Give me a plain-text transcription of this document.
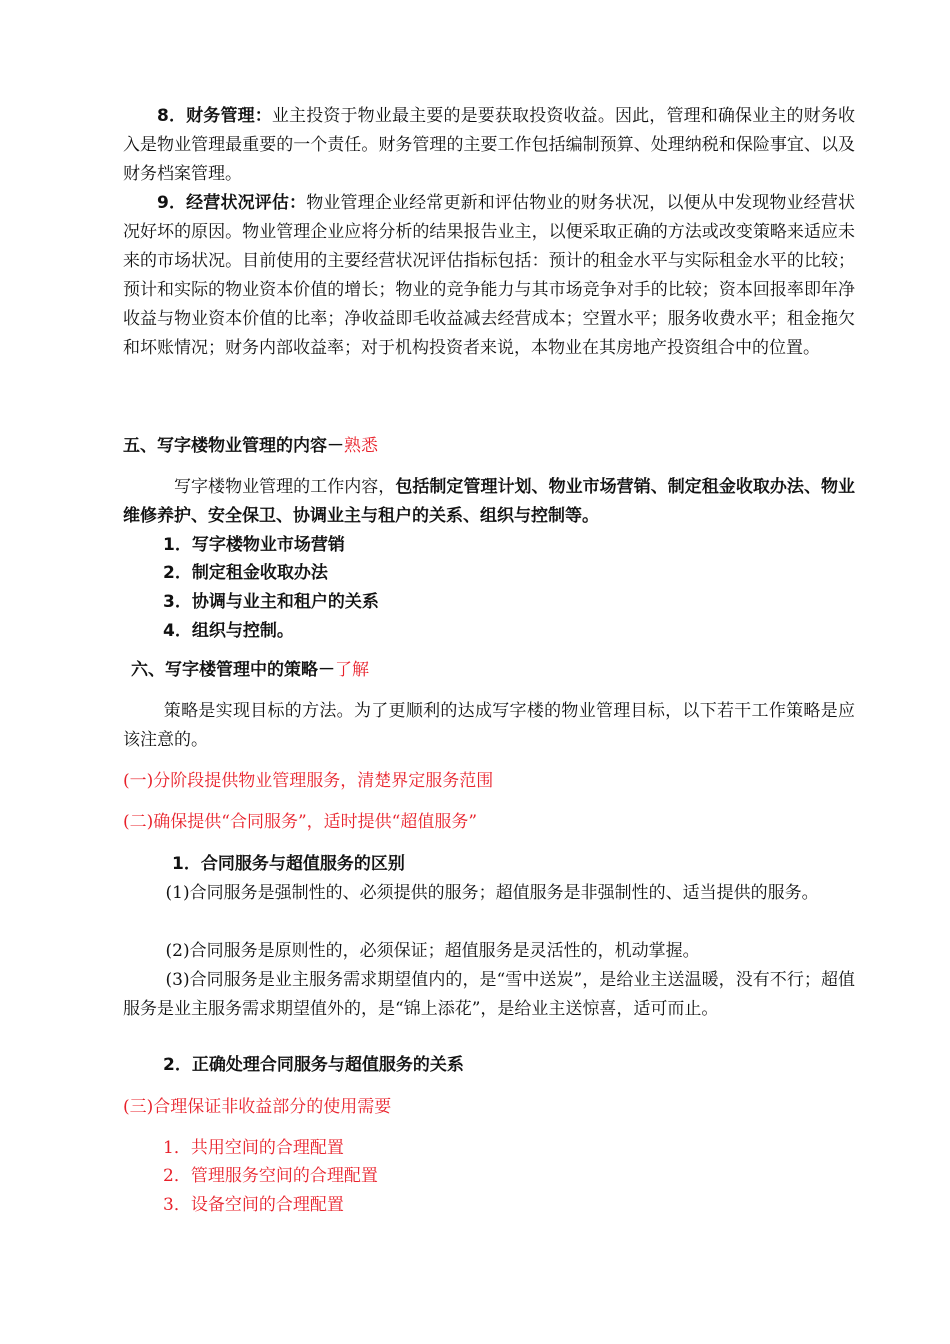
8．财务管理：业主投资于物业最主要的是要获取投资收益。因此，管理和确保业主的财务收入是物业管理最重要的一个责任。财务管理的主要工作包括编制预算、处理纳税和保险事宜、以及财务档案管理。

9．经营状况评估：物业管理企业经常更新和评估物业的财务状况，以便从中发现物业经营状况好坏的原因。物业管理企业应将分析的结果报告业主，以便采取正确的方法或改变策略来适应未来的市场状况。目前使用的主要经营状况评估指标包括：预计的租金水平与实际租金水平的比较；预计和实际的物业资本价值的增长；物业的竞争能力与其市场竞争对手的比较；资本回报率即年净收益与物业资本价值的比率；净收益即毛收益减去经营成本；空置水平；服务收费水平；租金拖欠和坏账情况；财务内部收益率；对于机构投资者来说，本物业在其房地产投资组合中的位置。

五、写字楼物业管理的内容－熟悉

写字楼物业管理的工作内容，包括制定管理计划、物业市场营销、制定租金收取办法、物业维修养护、安全保卫、协调业主与租户的关系、组织与控制等。

1．写字楼物业市场营销

2．制定租金收取办法

3．协调与业主和租户的关系

4．组织与控制。

六、写字楼管理中的策略－了解

策略是实现目标的方法。为了更顺利的达成写字楼的物业管理目标，以下若干工作策略是应该注意的。

(一)分阶段提供物业管理服务，清楚界定服务范围

(二)确保提供“合同服务”，适时提供“超值服务”

1．合同服务与超值服务的区别

(1)合同服务是强制性的、必须提供的服务；超值服务是非强制性的、适当提供的服务。

(2)合同服务是原则性的，必须保证；超值服务是灵活性的，机动掌握。

(3)合同服务是业主服务需求期望值内的，是“雪中送炭”，是给业主送温暖，没有不行；超值服务是业主服务需求期望值外的，是“锦上添花”，是给业主送惊喜，适可而止。

2．正确处理合同服务与超值服务的关系

(三)合理保证非收益部分的使用需要

1．共用空间的合理配置

2．管理服务空间的合理配置

3．设备空间的合理配置
